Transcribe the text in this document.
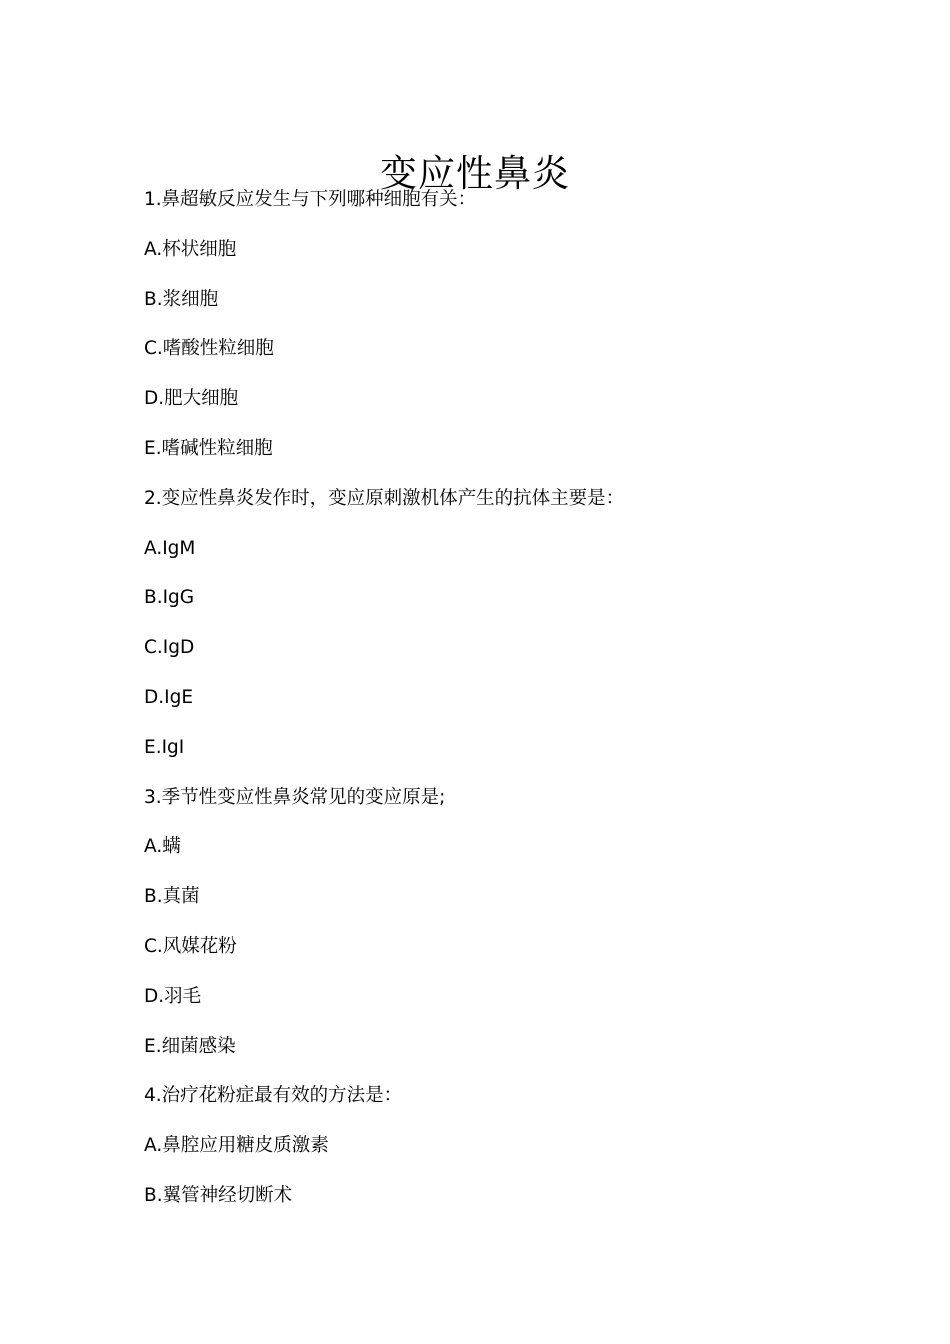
变应性鼻炎
1.鼻超敏反应发生与下列哪种细胞有关：
A.杯状细胞
B.浆细胞
C.嗜酸性粒细胞
D.肥大细胞
E.嗜碱性粒细胞
2.变应性鼻炎发作时，变应原刺激机体产生的抗体主要是：
A.IgM
B.IgG
C.IgD
D.IgE
E.IgI
3.季节性变应性鼻炎常见的变应原是;
A.螨
B.真菌
C.风媒花粉
D.羽毛
E.细菌感染
4.治疗花粉症最有效的方法是：
A.鼻腔应用糖皮质激素
B.翼管神经切断术
